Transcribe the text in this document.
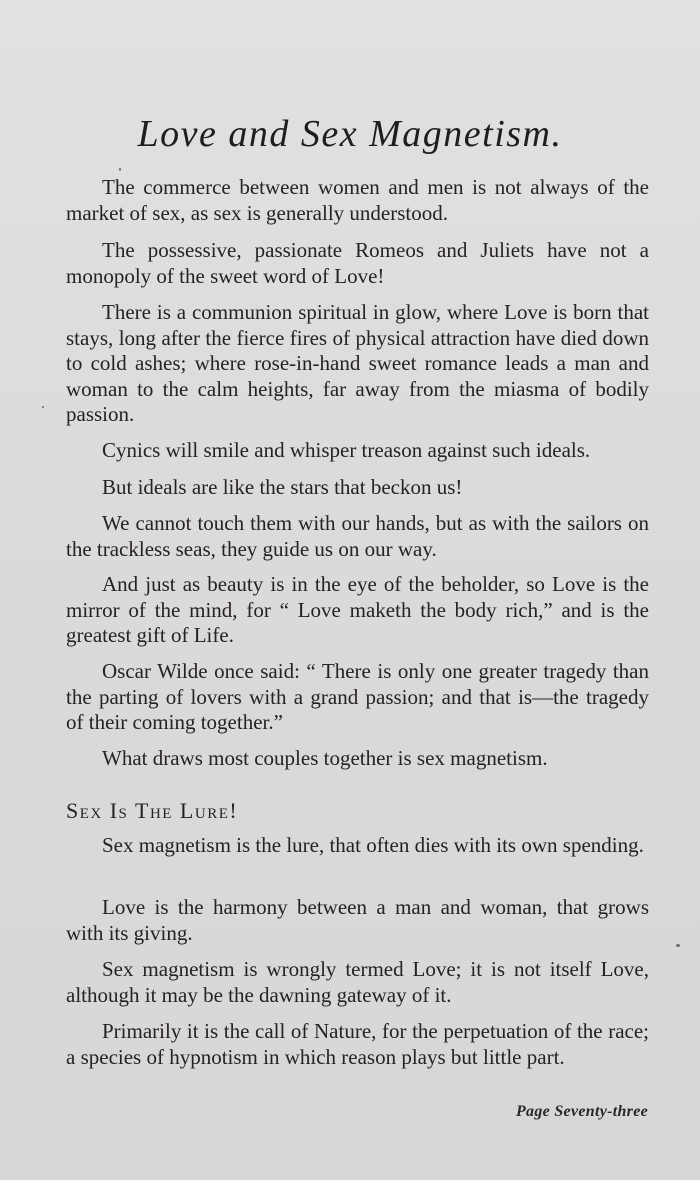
Love and Sex Magnetism.

The commerce between women and men is not always of the market of sex, as sex is generally understood.

The possessive, passionate Romeos and Juliets have not a monopoly of the sweet word of Love!

There is a communion spiritual in glow, where Love is born that stays, long after the fierce fires of physical attraction have died down to cold ashes; where rose-in-hand sweet romance leads a man and woman to the calm heights, far away from the miasma of bodily passion.

Cynics will smile and whisper treason against such ideals.

But ideals are like the stars that beckon us!

We cannot touch them with our hands, but as with the sailors on the trackless seas, they guide us on our way.

And just as beauty is in the eye of the beholder, so Love is the mirror of the mind, for “ Love maketh the body rich,” and is the greatest gift of Life.

Oscar Wilde once said: “ There is only one greater tragedy than the parting of lovers with a grand passion; and that is—the tragedy of their coming together.”

What draws most couples together is sex magnetism.

Sex Is The Lure!

Sex magnetism is the lure, that often dies with its own spending.

Love is the harmony between a man and woman, that grows with its giving.

Sex magnetism is wrongly termed Love; it is not itself Love, although it may be the dawning gateway of it.

Primarily it is the call of Nature, for the perpetuation of the race; a species of hypnotism in which reason plays but little part.

Page Seventy-three
